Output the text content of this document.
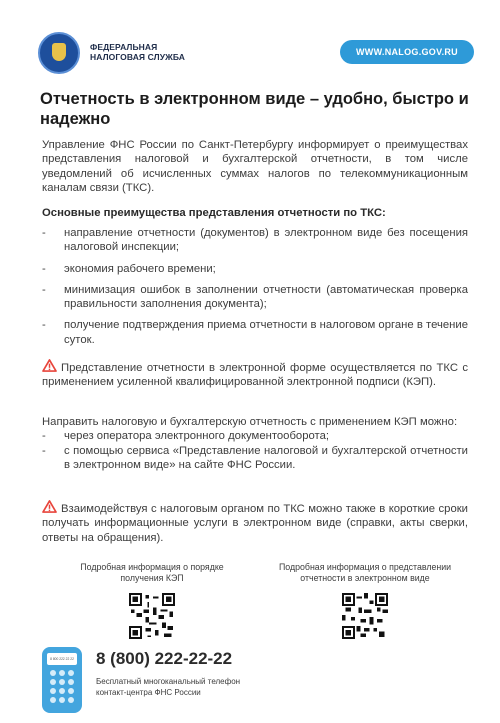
ФЕДЕРАЛЬНАЯ
НАЛОГОВАЯ СЛУЖБА	WWW.NALOG.GOV.RU
Отчетность в электронном виде – удобно, быстро и надежно

Управление ФНС России по Санкт-Петербургу информирует о преимуществах представления налоговой и бухгалтерской отчетности, в том числе уведомлений об исчисленных суммах налогов по телекоммуникационным каналам связи (ТКС).

Основные преимущества представления отчетности по ТКС:
-	направление отчетности (документов) в электронном виде без посещения налоговой инспекции;
-	экономия рабочего времени;
-	минимизация ошибок в заполнении отчетности (автоматическая проверка правильности заполнения документа);
-	получение подтверждения приема отчетности в налоговом органе в течение суток.

Представление отчетности в электронной форме осуществляется по ТКС с применением усиленной квалифицированной электронной подписи (КЭП).

Направить налоговую и бухгалтерскую отчетность с применением КЭП можно:

-	через оператора электронного документооборота;
-	с помощью сервиса «Представление налоговой и бухгалтерской отчетности в электронном виде» на сайте ФНС России.

Взаимодействуя с налоговым органом по ТКС можно также в короткие сроки получать информационные услуги в электронном виде (справки, акты сверки, ответы на обращения).

Подробная информация о порядке получения КЭП
Подробная информация о представлении отчетности в электронном виде
8 800 222 22 22 8 (800) 222-22-22
Бесплатный многоканальный телефон
контакт-центра ФНС России
